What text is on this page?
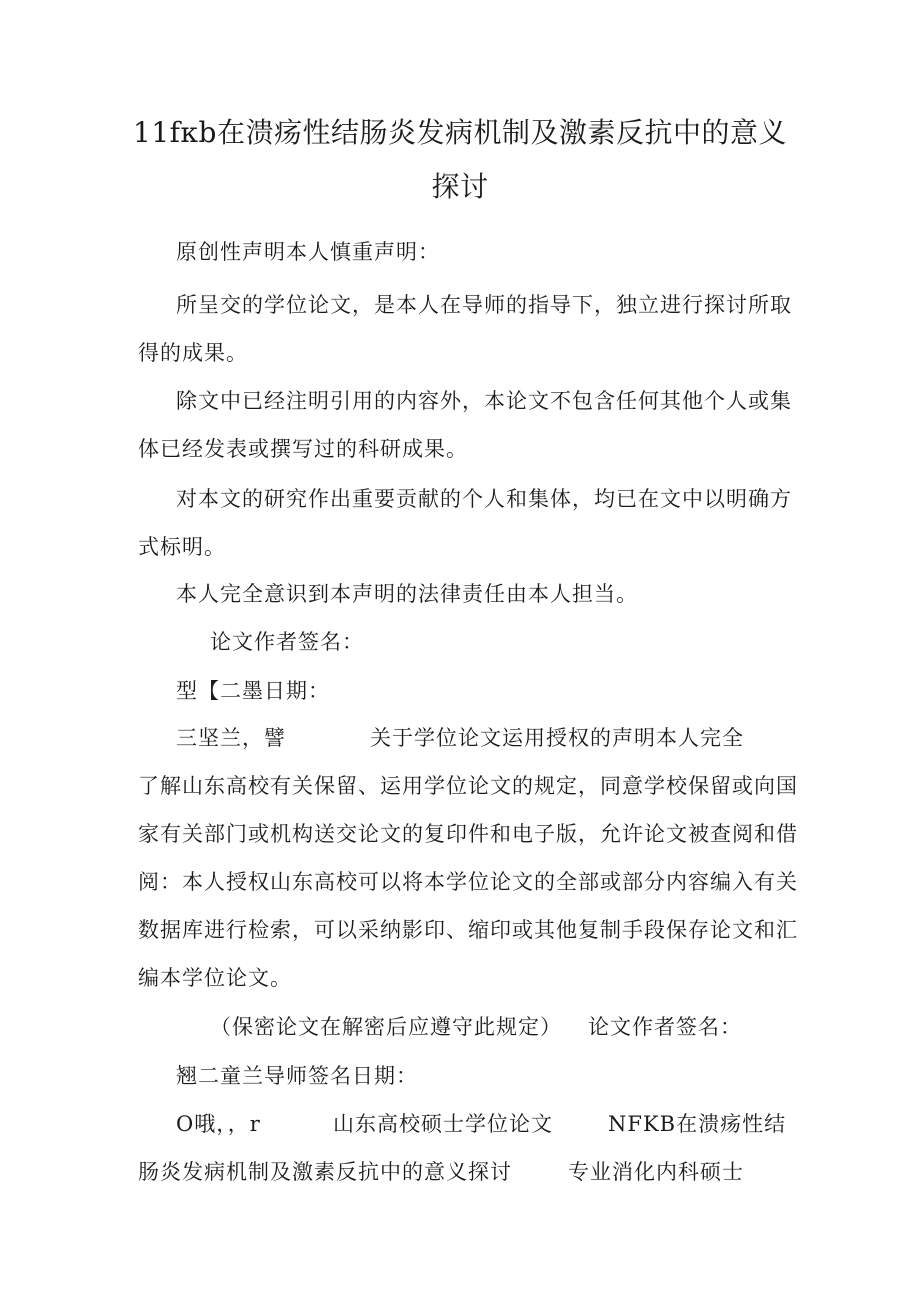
11fкb在溃疡性结肠炎发病机制及激素反抗中的意义
探讨
原创性声明本人慎重声明：
所呈交的学位论文，是本人在导师的指导下，独立进行探讨所取
得的成果。
除文中已经注明引用的内容外，本论文不包含任何其他个人或集
体已经发表或撰写过的科研成果。
对本文的研究作出重要贡献的个人和集体，均已在文中以明确方
式标明。
本人完全意识到本声明的法律责任由本人担当。
论文作者签名：
型【二墨日期：
三坚兰，譬	关于学位论文运用授权的声明本人完全
了解山东高校有关保留、运用学位论文的规定，同意学校保留或向国
家有关部门或机构送交论文的复印件和电子版，允许论文被查阅和借
阅：本人授权山东高校可以将本学位论文的全部或部分内容编入有关
数据库进行检索，可以采纳影印、缩印或其他复制手段保存论文和汇
编本学位论文。
（保密论文在解密后应遵守此规定） 论文作者签名：
翘二童兰导师签名日期：
O哦，，r	山东高校硕士学位论文	NFKB在溃疡性结
肠炎发病机制及激素反抗中的意义探讨	专业消化内科硕士
